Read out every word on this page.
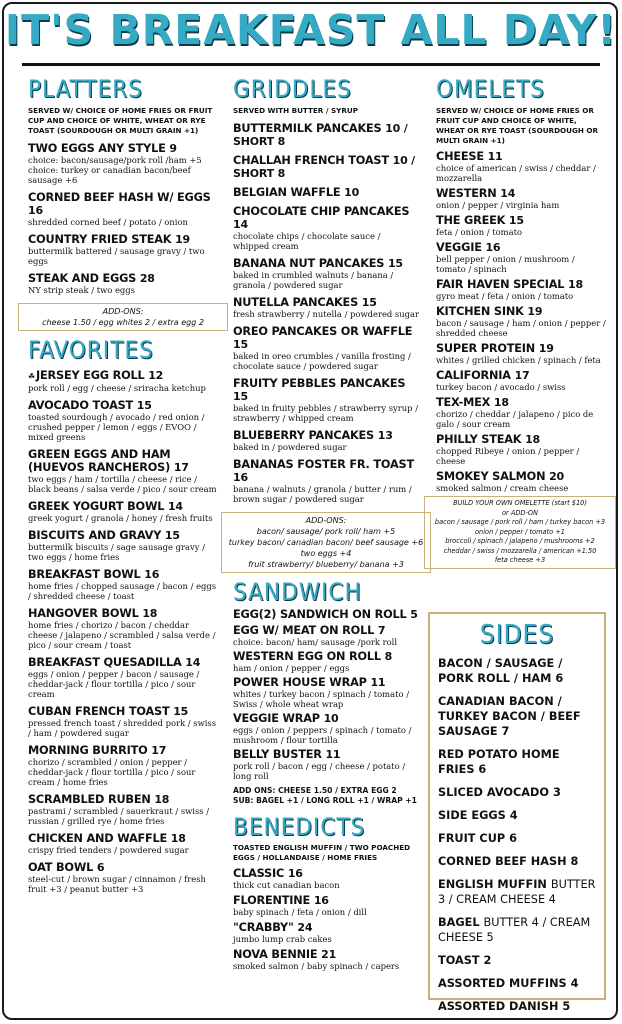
IT'S BREAKFAST ALL DAY!
PLATTERS
SERVED W/ CHOICE OF HOME FRIES OR FRUIT CUP AND CHOICE OF WHITE, WHEAT OR RYE TOAST (SOURDOUGH OR MULTI GRAIN +1)
TWO EGGS ANY STYLE 9
choice: bacon/sausage/pork roll /ham +5
choice: turkey or canadian bacon/beef sausage +6
CORNED BEEF HASH W/ EGGS 16
shredded corned beef / potato / onion
COUNTRY FRIED STEAK 19
buttermilk battered / sausage gravy / two eggs
STEAK AND EGGS 28
NY strip steak / two eggs
ADD-ONS:
cheese 1.50 / egg whites 2 / extra egg 2
FAVORITES
☘JERSEY EGG ROLL 12
pork roll / egg / cheese / sriracha ketchup
AVOCADO TOAST 15
toasted sourdough / avocado / red onion / crushed pepper / lemon / eggs / EVOO / mixed greens
GREEN EGGS AND HAM (HUEVOS RANCHEROS) 17
two eggs / ham / tortilla / cheese / rice / black beans / salsa verde / pico / sour cream
GREEK YOGURT BOWL 14
greek yogurt / granola / honey / fresh fruits
BISCUITS AND GRAVY 15
buttermilk biscuits / sage sausage gravy / two eggs / home fries
BREAKFAST BOWL 16
home fries / chopped sausage / bacon / eggs / shredded cheese / toast
HANGOVER BOWL 18
home fries / chorizo / bacon / cheddar cheese / jalapeno / scrambled / salsa verde / pico / sour cream / toast
BREAKFAST QUESADILLA 14
eggs / onion / pepper / bacon / sausage / cheddar-jack / flour tortilla / pico / sour cream
CUBAN FRENCH TOAST 15
pressed french toast / shredded pork / swiss / ham / powdered sugar
MORNING BURRITO 17
chorizo / scrambled / onion / pepper / cheddar-jack / flour tortilla / pico / sour cream / home fries
SCRAMBLED RUBEN 18
pastrami / scrambled / sauerkraut / swiss / russian / grilled rye / home fries
CHICKEN AND WAFFLE 18
crispy fried tenders / powdered sugar
OAT BOWL 6
steel-cut / brown sugar / cinnamon / fresh fruit +3 / peanut butter +3
GRIDDLES
SERVED WITH BUTTER / SYRUP
BUTTERMILK PANCAKES 10 / SHORT 8
CHALLAH FRENCH TOAST 10 / SHORT 8
BELGIAN WAFFLE 10
CHOCOLATE CHIP PANCAKES 14
chocolate chips / chocolate sauce / whipped cream
BANANA NUT PANCAKES 15
baked in crumbled walnuts / banana / granola / powdered sugar
NUTELLA PANCAKES 15
fresh strawberry / nutella / powdered sugar
OREO PANCAKES OR WAFFLE 15
baked in oreo crumbles / vanilla frosting / chocolate sauce / powdered sugar
FRUITY PEBBLES PANCAKES 15
baked in fruity pebbles / strawberry syrup / strawberry / whipped cream
BLUEBERRY PANCAKES 13
baked in / powdered sugar
BANANAS FOSTER FR. TOAST 16
banana / walnuts / granola / butter / rum / brown sugar / powdered sugar
ADD-ONS:
bacon/ sausage/ pork roll/ ham +5
turkey bacon/ canadian bacon/ beef sausage +6
two eggs +4
fruit strawberry/ blueberry/ banana +3
SANDWICH
EGG(2) SANDWICH ON ROLL 5
EGG W/ MEAT ON ROLL 7
choice: bacon/ ham/ sausage /pork roll
WESTERN EGG ON ROLL 8
ham / onion / pepper / eggs
POWER HOUSE WRAP 11
whites / turkey bacon / spinach / tomato / Swiss / whole wheat wrap
VEGGIE WRAP 10
eggs / onion / peppers / spinach / tomato / mushroom / flour tortilla
BELLY BUSTER 11
pork roll / bacon / egg / cheese / potato / long roll
ADD ONS: CHEESE 1.50 / EXTRA EGG 2
SUB: BAGEL +1 / LONG ROLL +1 / WRAP +1
BENEDICTS
TOASTED ENGLISH MUFFIN / TWO POACHED EGGS / HOLLANDAISE / HOME FRIES
CLASSIC 16
thick cut canadian bacon
FLORENTINE 16
baby spinach / feta / onion / dill
"CRABBY" 24
jumbo lump crab cakes
NOVA BENNIE 21
smoked salmon / baby spinach / capers
OMELETS
SERVED W/ CHOICE OF HOME FRIES OR FRUIT CUP AND CHOICE OF WHITE, WHEAT OR RYE TOAST (SOURDOUGH OR MULTI GRAIN +1)
CHEESE 11
choice of american / swiss / cheddar / mozzarella
WESTERN 14
onion / pepper / virginia ham
THE GREEK 15
feta / onion / tomato
VEGGIE 16
bell pepper / onion / mushroom / tomato / spinach
FAIR HAVEN SPECIAL 18
gyro meat / feta / onion / tomato
KITCHEN SINK 19
bacon / sausage / ham / onion / pepper / shredded cheese
SUPER PROTEIN 19
whites / grilled chicken / spinach / feta
CALIFORNIA 17
turkey bacon / avocado / swiss
TEX-MEX 18
chorizo / cheddar / jalapeno / pico de galo / sour cream
PHILLY STEAK 18
chopped Ribeye / onion / pepper / cheese
SMOKEY SALMON 20
smoked salmon / cream cheese
BUILD YOUR OWN OMELETTE (start $10)
or ADD-ON
bacon / sausage / pork roll / ham / turkey bacon +3
onion / pepper / tomato +1
broccoli / spinach / jalapeno / mushrooms +2
cheddar / swiss / mozzarella / american +1.50
feta cheese +3
SIDES
BACON / SAUSAGE / PORK ROLL / HAM 6
CANADIAN BACON / TURKEY BACON / BEEF SAUSAGE 7
RED POTATO HOME FRIES 6
SLICED AVOCADO 3
SIDE EGGS 4
FRUIT CUP 6
CORNED BEEF HASH 8
ENGLISH MUFFIN BUTTER 3 / CREAM CHEESE 4
BAGEL BUTTER 4 / CREAM CHEESE 5
TOAST 2
ASSORTED MUFFINS 4
ASSORTED DANISH 5
